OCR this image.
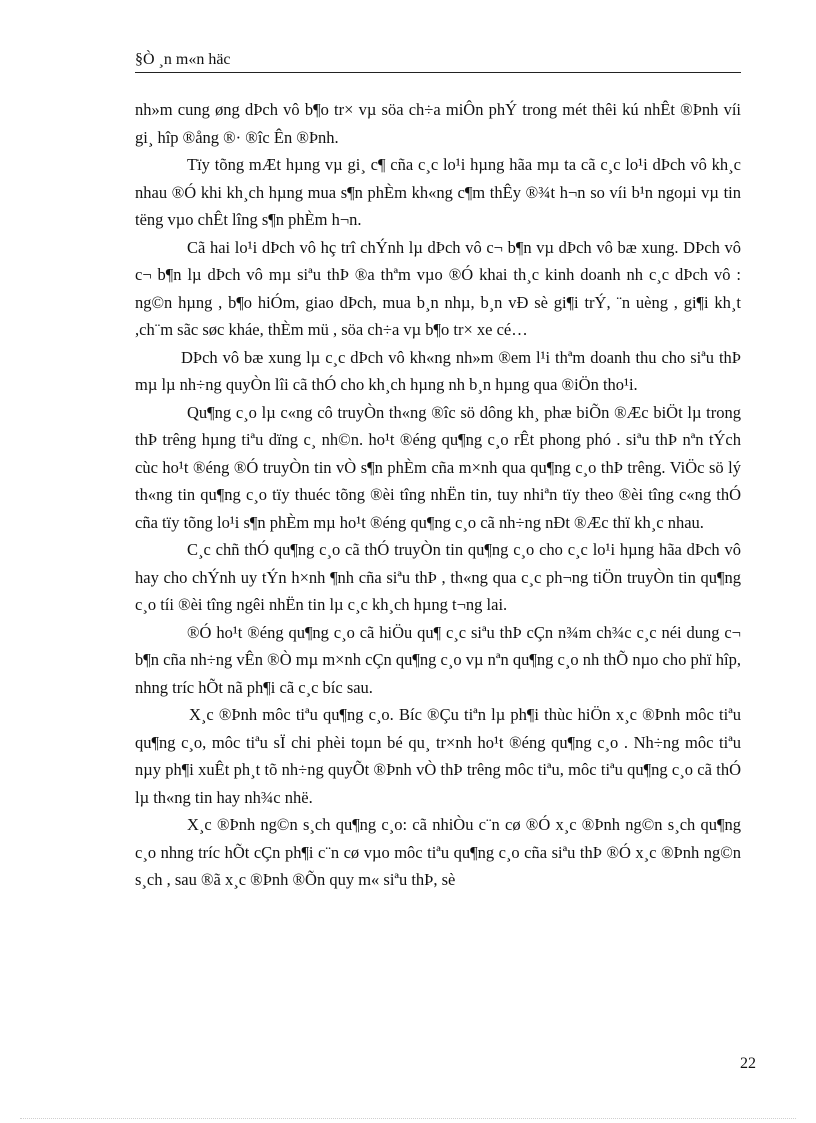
§Ò ¸n m«n häc

nh»m cung øng dÞch vô b¶o tr× vµ söa ch÷a miÔn phÝ trong mét thêi kú nhÊt ®Þnh víi gi¸ hîp ®ång ®· ®îc Ên ®Þnh.

Tïy tõng mÆt hµng vµ gi¸ c¶ cña c¸c lo¹i hµng hãa mµ ta cã c¸c lo¹i dÞch vô kh¸c nhau ®Ó khi kh¸ch hµng mua s¶n phÈm kh«ng c¶m thÊy ®¾t h¬n so víi b¹n ngoµi vµ tin tëng vµo chÊt lîng s¶n phÈm h¬n.

Cã hai lo¹i dÞch vô hç trî chÝnh lµ dÞch vô c¬ b¶n vµ dÞch vô bæ xung. DÞch vô c¬ b¶n lµ dÞch vô mµ siªu thÞ ®a thªm vµo ®Ó khai th¸c kinh doanh nh c¸c dÞch vô : ng©n hµng , b¶o hiÓm, giao dÞch, mua b¸n nhµ, b¸n vÐ sè gi¶i trÝ, ¨n uèng , gi¶i kh¸t ,ch¨m sãc søc kháe, thÈm mü , söa ch÷a vµ b¶o tr× xe cé…

DÞch vô bæ xung lµ c¸c dÞch vô kh«ng nh»m ®em l¹i thªm doanh thu cho siªu thÞ mµ lµ nh÷ng quyÒn lîi cã thÓ cho kh¸ch hµng nh b¸n hµng qua ®iÖn tho¹i.

Qu¶ng c¸o lµ c«ng cô truyÒn th«ng ®îc sö dông kh¸ phæ biÕn ®Æc biÖt lµ trong thÞ trêng hµng tiªu dïng c¸ nh©n. ho¹t ®éng qu¶ng c¸o rÊt phong phó . siªu thÞ nªn tÝch cùc ho¹t ®éng ®Ó truyÒn tin vÒ s¶n phÈm cña m×nh qua qu¶ng c¸o thÞ trêng. ViÖc sö lý th«ng tin qu¶ng c¸o tïy thuéc tõng ®èi tîng nhËn tin, tuy nhiªn tïy theo ®èi tîng c«ng thÓ cña tïy tõng lo¹i s¶n phÈm mµ ho¹t ®éng qu¶ng c¸o cã nh÷ng nÐt ®Æc thï kh¸c nhau.

C¸c chñ thÓ qu¶ng c¸o cã thÓ truyÒn tin qu¶ng c¸o cho c¸c lo¹i hµng hãa dÞch vô hay cho chÝnh uy tÝn h×nh ¶nh cña siªu thÞ , th«ng qua c¸c ph¬ng tiÖn truyÒn tin qu¶ng c¸o tíi ®èi tîng ngêi nhËn tin lµ c¸c kh¸ch hµng t¬ng lai.

®Ó ho¹t ®éng qu¶ng c¸o cã hiÖu qu¶ c¸c siªu thÞ cÇn n¾m ch¾c c¸c néi dung c¬ b¶n cña nh÷ng vÊn ®Ò mµ m×nh cÇn qu¶ng c¸o vµ nªn qu¶ng c¸o nh thÕ nµo cho phï hîp, nhng tríc hÕt nã ph¶i cã c¸c bíc sau.

X¸c ®Þnh môc tiªu qu¶ng c¸o. Bíc ®Çu tiªn lµ ph¶i thùc hiÖn x¸c ®Þnh môc tiªu qu¶ng c¸o, môc tiªu sÏ chi phèi toµn bé qu¸ tr×nh ho¹t ®éng qu¶ng c¸o . Nh÷ng môc tiªu nµy ph¶i xuÊt ph¸t tõ nh÷ng quyÕt ®Þnh vÒ thÞ trêng môc tiªu, môc tiªu qu¶ng c¸o cã thÓ lµ th«ng tin hay nh¾c nhë.

X¸c ®Þnh ng©n s¸ch qu¶ng c¸o: cã nhiÒu c¨n cø ®Ó x¸c ®Þnh ng©n s¸ch qu¶ng c¸o nhng tríc hÕt cÇn ph¶i c¨n cø vµo môc tiªu qu¶ng c¸o cña siªu thÞ ®Ó x¸c ®Þnh ng©n s¸ch , sau ®ã x¸c ®Þnh ®Õn quy m« siªu thÞ, sè

22
